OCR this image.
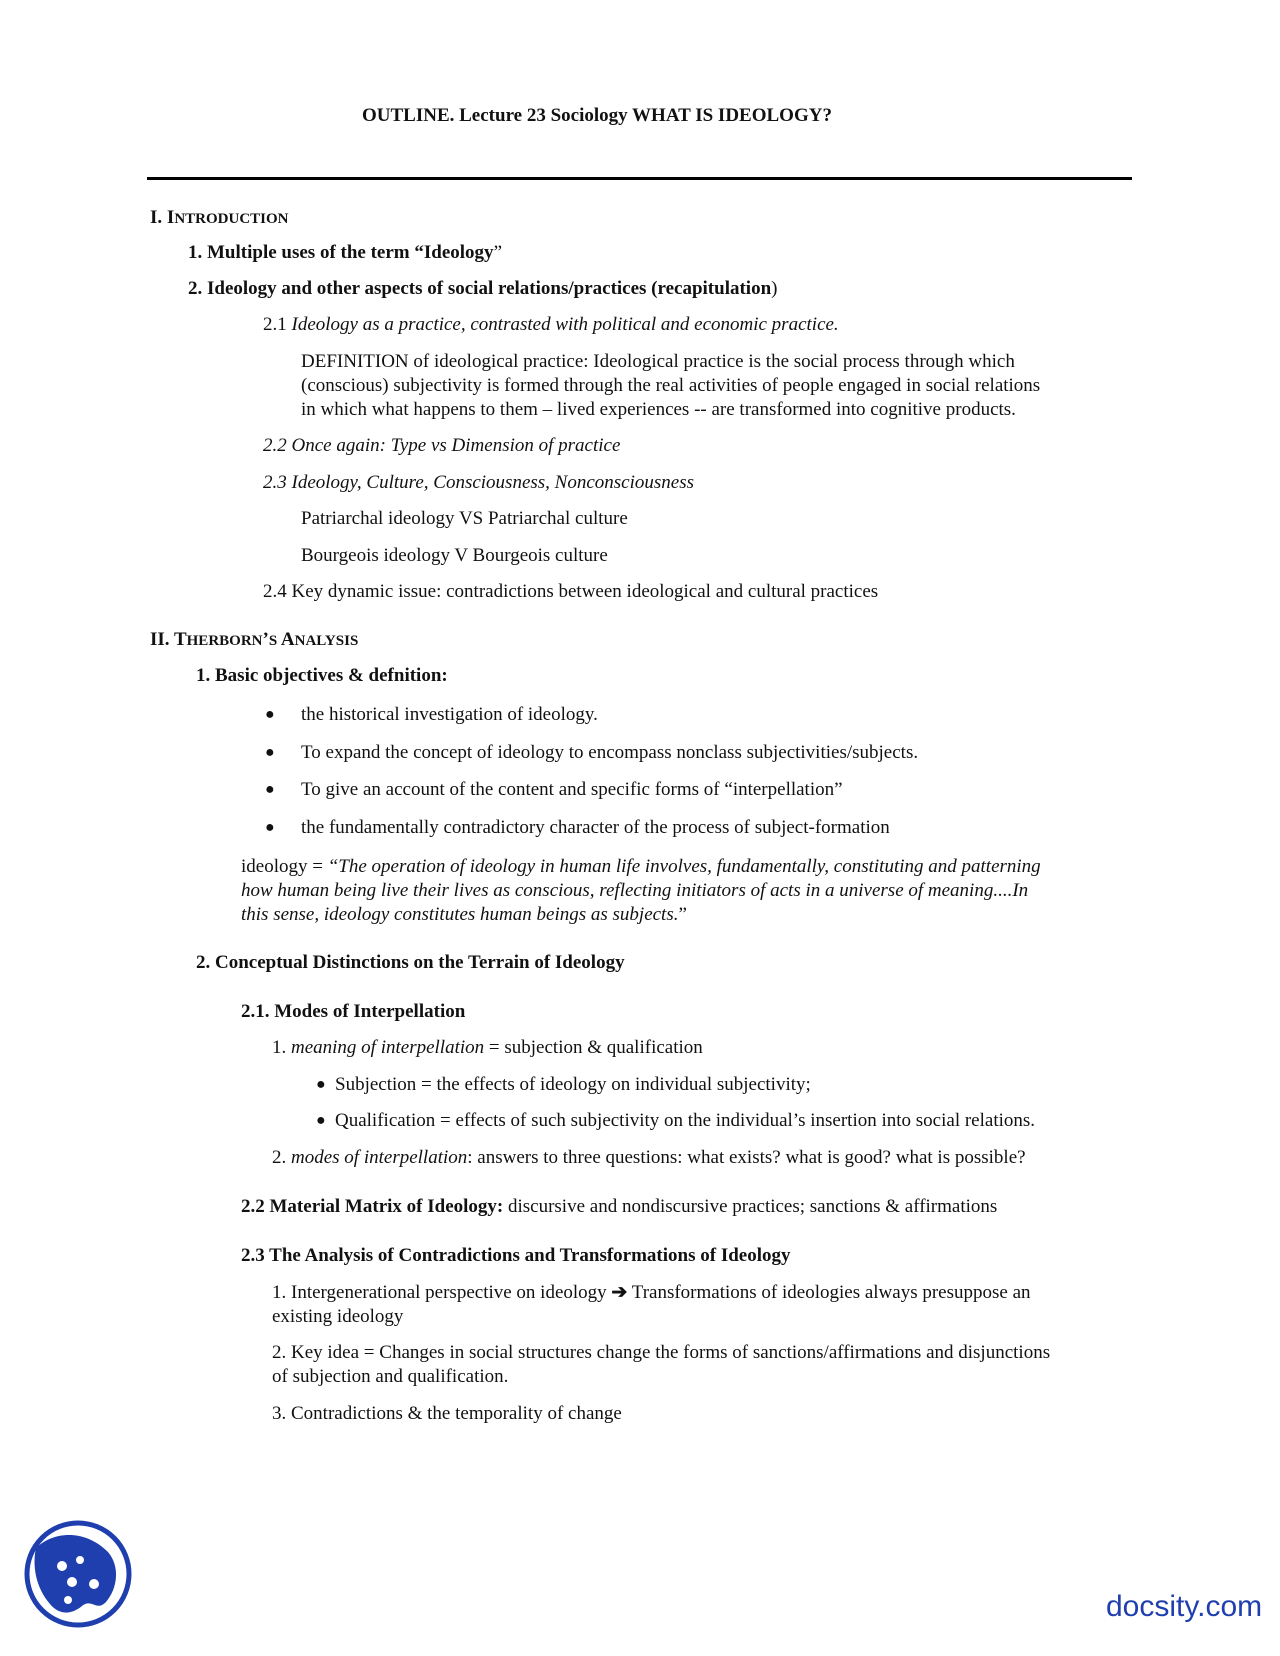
OUTLINE. Lecture 23 Sociology WHAT IS IDEOLOGY?
I. INTRODUCTION
1. Multiple uses of the term “Ideology”
2. Ideology and other aspects of social relations/practices (recapitulation)
2.1 Ideology as a practice, contrasted with political and economic practice.
DEFINITION of ideological practice: Ideological practice is the social process through which
(conscious) subjectivity is formed through the real activities of people engaged in social relations
in which what happens to them – lived experiences -- are transformed into cognitive products.
2.2 Once again: Type vs Dimension of practice
2.3 Ideology, Culture, Consciousness, Nonconsciousness
Patriarchal ideology VS Patriarchal culture
Bourgeois ideology V Bourgeois culture
2.4 Key dynamic issue: contradictions between ideological and cultural practices
II. THERBORN’S ANALYSIS
1. Basic objectives & defnition:
● the historical investigation of ideology.
● To expand the concept of ideology to encompass nonclass subjectivities/subjects.
● To give an account of the content and specific forms of “interpellation”
● the fundamentally contradictory character of the process of subject-formation
ideology = “The operation of ideology in human life involves, fundamentally, constituting and patterning
how human being live their lives as conscious, reflecting initiators of acts in a universe of meaning....In
this sense, ideology constitutes human beings as subjects.”
2. Conceptual Distinctions on the Terrain of Ideology
2.1. Modes of Interpellation
1. meaning of interpellation = subjection & qualification
● Subjection = the effects of ideology on individual subjectivity;
● Qualification = effects of such subjectivity on the individual’s insertion into social relations.
2. modes of interpellation: answers to three questions: what exists? what is good? what is possible?
2.2 Material Matrix of Ideology: discursive and nondiscursive practices; sanctions & affirmations
2.3 The Analysis of Contradictions and Transformations of Ideology
1. Intergenerational perspective on ideology ➔ Transformations of ideologies always presuppose an
existing ideology
2. Key idea = Changes in social structures change the forms of sanctions/affirmations and disjunctions
of subjection and qualification.
3. Contradictions & the temporality of change
docsity.com
